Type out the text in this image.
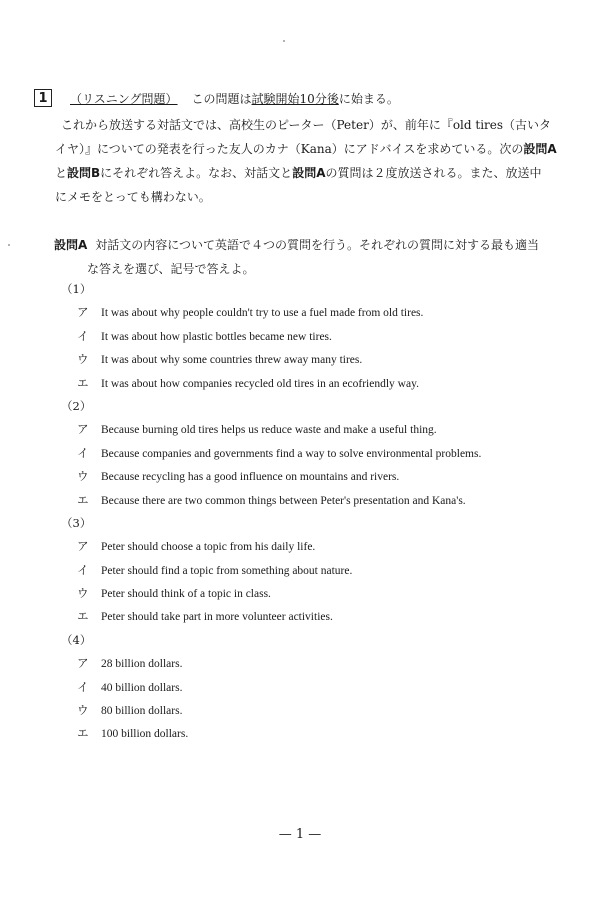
1	（リスニング問題） この問題は試験開始10分後に始まる。

これから放送する対話文では、高校生のピーター（Peter）が、前年に『old tires（古いタ

イヤ）』についての発表を行った友人のカナ（Kana）にアドバイスを求めている。次の設問A

と設問Bにそれぞれ答えよ。なお、対話文と設問Aの質問は２度放送される。また、放送中

にメモをとっても構わない。

設問A 対話文の内容について英語で４つの質問を行う。それぞれの質問に対する最も適当
な答えを選び、記号で答えよ。
（1）
ア It was about why people couldn't try to use a fuel made from old tires.
イ It was about how plastic bottles became new tires.
ウ It was about why some countries threw away many tires.
エ It was about how companies recycled old tires in an ecofriendly way.
（2）
ア Because burning old tires helps us reduce waste and make a useful thing.
イ Because companies and governments find a way to solve environmental problems.
ウ Because recycling has a good influence on mountains and rivers.
エ Because there are two common things between Peter's presentation and Kana's.
（3）
ア Peter should choose a topic from his daily life.
イ Peter should find a topic from something about nature.
ウ Peter should think of a topic in class.
エ Peter should take part in more volunteer activities.
（4）
ア 28 billion dollars.
イ 40 billion dollars.
ウ 80 billion dollars.
エ 100 billion dollars.
— 1 —
